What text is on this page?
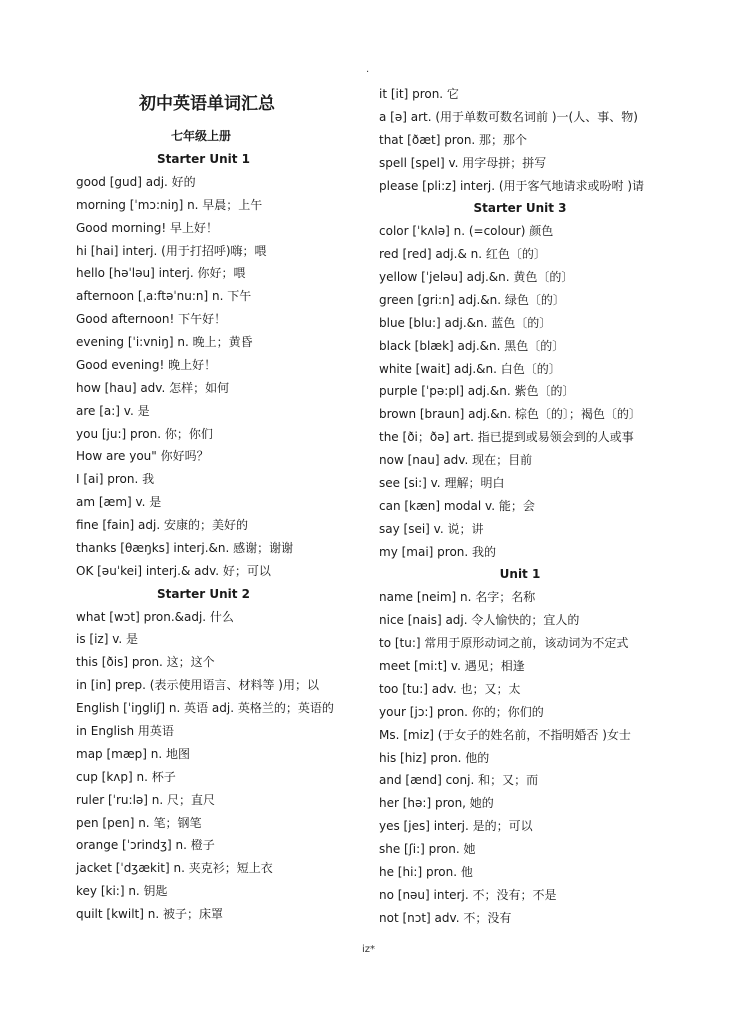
.
初中英语单词汇总
七年级上册
Starter Unit 1
good [gud] adj. 好的
morning [ˈmɔ:niŋ] n. 早晨；上午
Good morning! 早上好！
hi [hai] interj. (用于打招呼)嗨；喂
hello [həˈləu] interj. 你好；喂
afternoon [ˌa:ftəˈnu:n] n. 下午
Good afternoon! 下午好！
evening [ˈi:vniŋ] n. 晚上；黄昏
Good evening! 晚上好！
how [hau] adv. 怎样；如何
are [a:] v. 是
you [ju:] pron. 你；你们
How are you" 你好吗？
I [ai] pron. 我
am [æm] v. 是
fine [fain] adj. 安康的；美好的
thanks [θæŋks] interj.&n. 感谢；谢谢
OK [əuˈkei] interj.& adv. 好；可以
Starter Unit 2
what [wɔt] pron.&adj. 什么
is [iz] v. 是
this [ðis] pron. 这；这个
in [in] prep. (表示使用语言、材料等 )用；以
English [ˈiŋgliʃ] n. 英语 adj. 英格兰的；英语的
in English 用英语
map [mæp] n. 地图
cup [kʌp] n. 杯子
ruler [ˈru:lə] n. 尺；直尺
pen [pen] n. 笔；钢笔
orange [ˈɔrindʒ] n. 橙子
jacket [ˈdʒækit] n. 夹克衫；短上衣
key [ki:] n. 钥匙
quilt [kwilt] n. 被子；床罩
it [it] pron. 它
a [ə] art. (用于单数可数名词前 )一(人、事、物)
that [ðæt] pron. 那；那个
spell [spel] v. 用字母拼；拼写
please [pli:z] interj. (用于客气地请求或吩咐 )请
Starter Unit 3
color [ˈkʌlə] n. (=colour) 颜色
red [red] adj.& n. 红色〔的〕
yellow [ˈjeləu] adj.&n. 黄色〔的〕
green [gri:n] adj.&n. 绿色〔的〕
blue [blu:] adj.&n. 蓝色〔的〕
black [blæk] adj.&n. 黑色〔的〕
white [wait] adj.&n. 白色〔的〕
purple [ˈpə:pl] adj.&n. 紫色〔的〕
brown [braun] adj.&n. 棕色〔的〕；褐色〔的〕
the [ði；ðə] art. 指已提到或易领会到的人或事
now [nau] adv. 现在；目前
see [si:] v. 理解；明白
can [kæn] modal v. 能；会
say [sei] v. 说；讲
my [mai] pron. 我的
Unit 1
name [neim] n. 名字；名称
nice [nais] adj. 令人愉快的；宜人的
to [tu:] 常用于原形动词之前，该动词为不定式
meet [mi:t] v. 遇见；相逢
too [tu:] adv. 也；又；太
your [jɔ:] pron. 你的；你们的
Ms. [miz] (于女子的姓名前，不指明婚否 )女士
his [hiz] pron. 他的
and [ænd] conj. 和；又；而
her [hə:] pron, 她的
yes [jes] interj. 是的；可以
she [ʃi:] pron. 她
he [hi:] pron. 他
no [nəu] interj. 不；没有；不是
not [nɔt] adv. 不；没有
iz*
